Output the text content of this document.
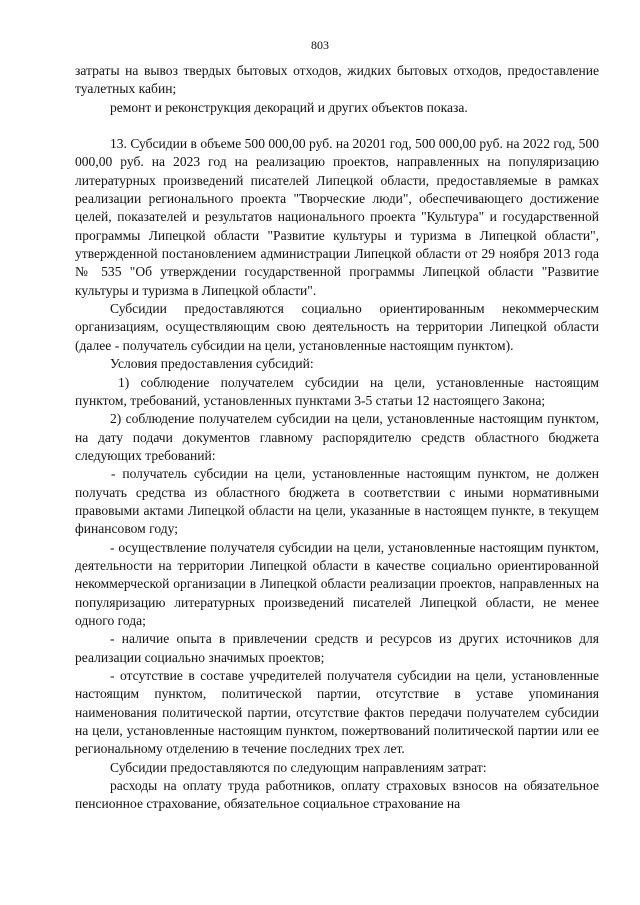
803

затраты на вывоз твердых бытовых отходов, жидких бытовых отходов, предоставление туалетных кабин;

ремонт и реконструкция декораций и других объектов показа.

13. Субсидии в объеме 500 000,00 руб. на 20201 год, 500 000,00 руб. на 2022 год, 500 000,00 руб. на 2023 год на реализацию проектов, направленных на популяризацию литературных произведений писателей Липецкой области, предоставляемые в рамках реализации регионального проекта "Творческие люди", обеспечивающего достижение целей, показателей и результатов национального проекта "Культура" и государственной программы Липецкой области "Развитие культуры и туризма в Липецкой области", утвержденной постановлением администрации Липецкой области от 29 ноября 2013 года № 535 "Об утверждении государственной программы Липецкой области "Развитие культуры и туризма в Липецкой области".

Субсидии предоставляются социально ориентированным некоммерческим организациям, осуществляющим свою деятельность на территории Липецкой области (далее - получатель субсидии на цели, установленные настоящим пунктом).

Условия предоставления субсидий:

1) соблюдение получателем субсидии на цели, установленные настоящим пунктом, требований, установленных пунктами 3-5 статьи 12 настоящего Закона;

2) соблюдение получателем субсидии на цели, установленные настоящим пунктом, на дату подачи документов главному распорядителю средств областного бюджета следующих требований:

- получатель субсидии на цели, установленные настоящим пунктом, не должен получать средства из областного бюджета в соответствии с иными нормативными правовыми актами Липецкой области на цели, указанные в настоящем пункте, в текущем финансовом году;

- осуществление получателя субсидии на цели, установленные настоящим пунктом, деятельности на территории Липецкой области в качестве социально ориентированной некоммерческой организации в Липецкой области реализации проектов, направленных на популяризацию литературных произведений писателей Липецкой области, не менее одного года;

- наличие опыта в привлечении средств и ресурсов из других источников для реализации социально значимых проектов;

- отсутствие в составе учредителей получателя субсидии на цели, установленные настоящим пунктом, политической партии, отсутствие в уставе упоминания наименования политической партии, отсутствие фактов передачи получателем субсидии на цели, установленные настоящим пунктом, пожертвований политической партии или ее региональному отделению в течение последних трех лет.

Субсидии предоставляются по следующим направлениям затрат:

расходы на оплату труда работников, оплату страховых взносов на обязательное пенсионное страхование, обязательное социальное страхование на
